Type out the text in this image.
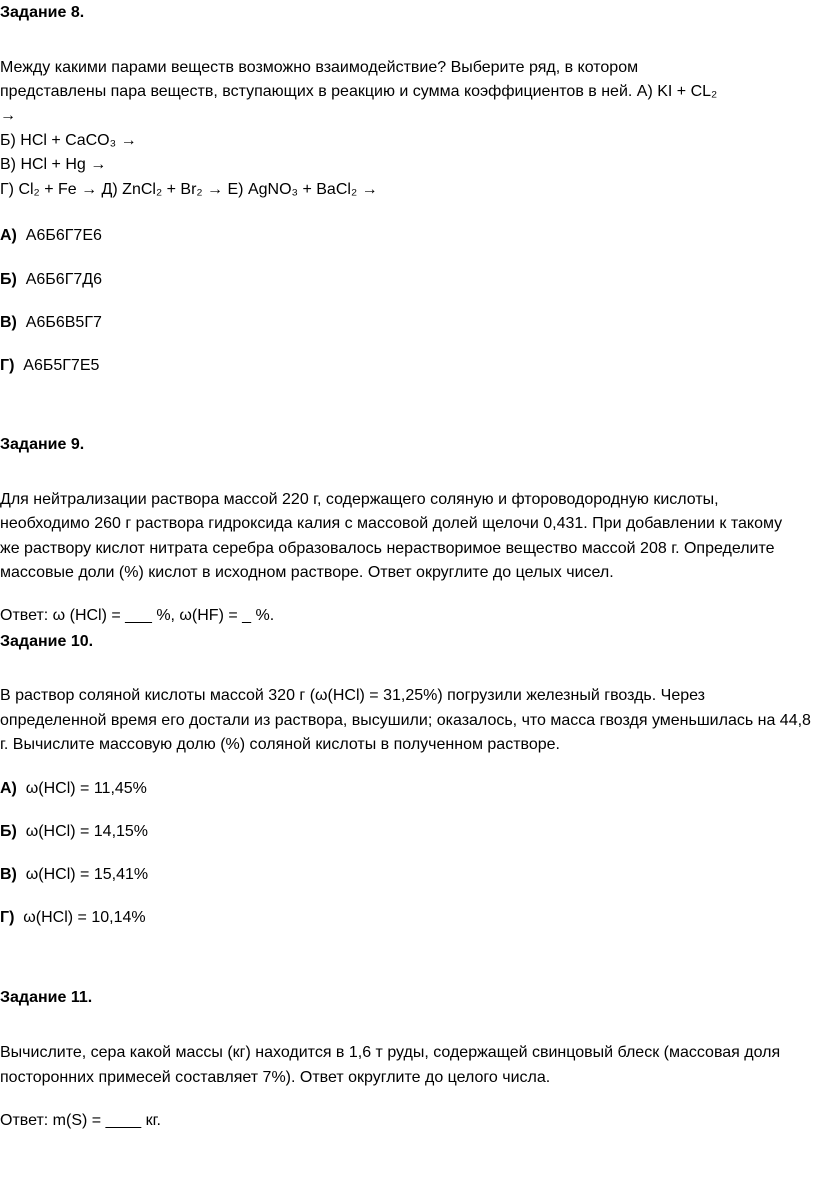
Задание 8.
Между какими парами веществ возможно взаимодействие? Выберите ряд, в котором
представлены пара веществ, вступающих в реакцию и сумма коэффициентов в ней. А) KI + CL₂
→
Б) HCl + CaCO₃ →
В) HCl + Hg →
Г) Cl₂ + Fe → Д) ZnCl₂ + Br₂ → Е) AgNO₃ + BaCl₂ →
А) А6Б6Г7Е6
Б) А6Б6Г7Д6
В) А6Б6В5Г7
Г) А6Б5Г7Е5
Задание 9.
Для нейтрализации раствора массой 220 г, содержащего соляную и фтороводородную кислоты,
необходимо 260 г раствора гидроксида калия с массовой долей щелочи 0,431. При добавлении к такому
же раствору кислот нитрата серебра образовалось нерастворимое вещество массой 208 г. Определите
массовые доли (%) кислот в исходном растворе. Ответ округлите до целых чисел.
Ответ: ω (HCl) = ___ %, ω(HF) = _ %.
Задание 10.
В раствор соляной кислоты массой 320 г (ω(HCl) = 31,25%) погрузили железный гвоздь. Через
определенной время его достали из раствора, высушили; оказалось, что масса гвоздя уменьшилась на 44,8
г. Вычислите массовую долю (%) соляной кислоты в полученном растворе.
А) ω(HCl) = 11,45%
Б) ω(HCl) = 14,15%
В) ω(HCl) = 15,41%
Г) ω(HCl) = 10,14%
Задание 11.
Вычислите, сера какой массы (кг) находится в 1,6 т руды, содержащей свинцовый блеск (массовая доля
посторонних примесей составляет 7%). Ответ округлите до целого числа.
Ответ: m(S) = ____ кг.
